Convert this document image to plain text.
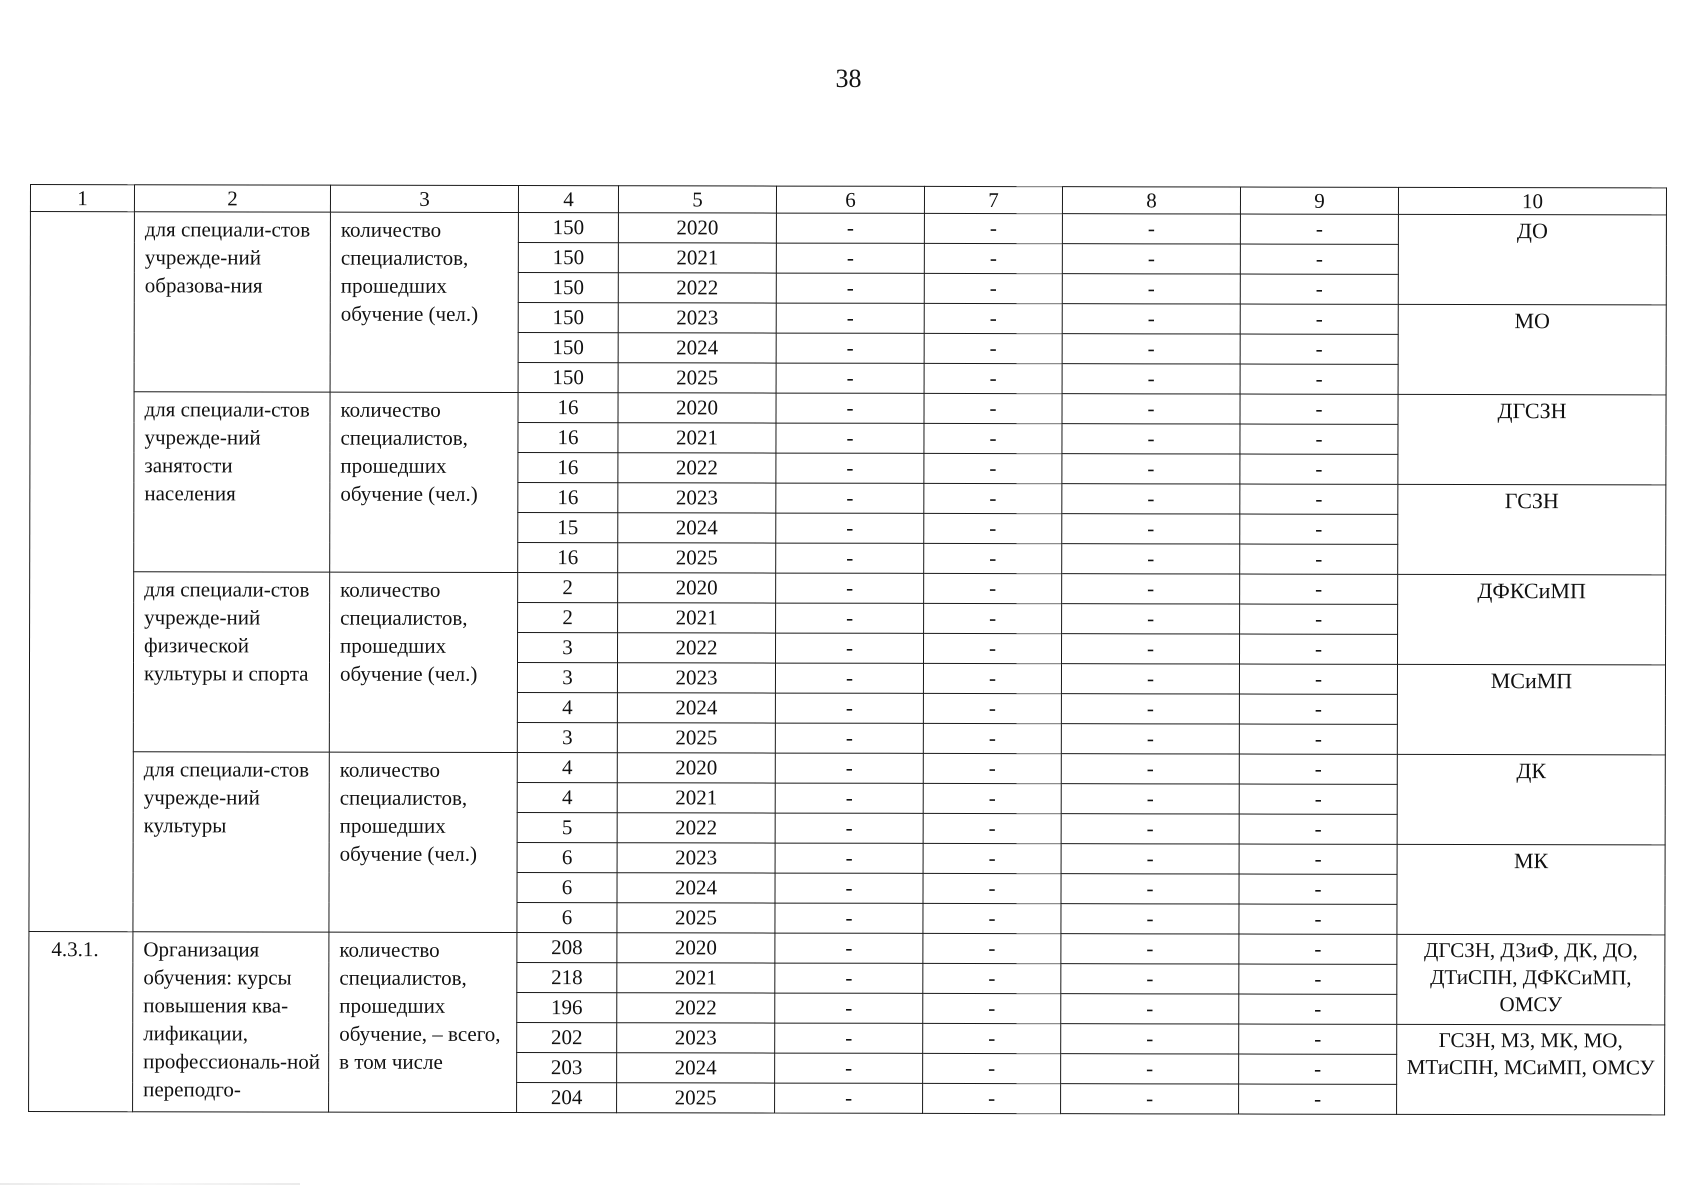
38
1	2	3	4	5	6	7	8	9	10
	для специали-стов учрежде-ний образова-ния	количество специалистов, прошедших обучение (чел.)	150	2020	-	-	-	-	ДО
			150	2021	-	-	-	-	
			150	2022	-	-	-	-	
			150	2023	-	-	-	-	МО
			150	2024	-	-	-	-	
			150	2025	-	-	-	-	
	для специали-стов учрежде-ний занятости населения	количество специалистов, прошедших обучение (чел.)	16	2020	-	-	-	-	ДГСЗН
			16	2021	-	-	-	-	
			16	2022	-	-	-	-	
			16	2023	-	-	-	-	ГСЗН
			15	2024	-	-	-	-	
			16	2025	-	-	-	-	
	для специали-стов учрежде-ний физической культуры и спорта	количество специалистов, прошедших обучение (чел.)	2	2020	-	-	-	-	ДФКСиМП
			2	2021	-	-	-	-	
			3	2022	-	-	-	-	
			3	2023	-	-	-	-	МСиМП
			4	2024	-	-	-	-	
			3	2025	-	-	-	-	
	для специали-стов учрежде-ний культуры	количество специалистов, прошедших обучение (чел.)	4	2020	-	-	-	-	ДК
			4	2021	-	-	-	-	
			5	2022	-	-	-	-	
			6	2023	-	-	-	-	МК
			6	2024	-	-	-	-	
			6	2025	-	-	-	-	
4.3.1.	Организация обучения: курсы повышения ква-лификации, профессиональ-ной переподго-	количество специалистов, прошедших обучение, – всего, в том числе	208	2020	-	-	-	-	ДГСЗН, ДЗиФ, ДК, ДО, ДТиСПН, ДФКСиМП, ОМСУ
			218	2021	-	-	-	-	
			196	2022	-	-	-	-	
			202	2023	-	-	-	-	ГСЗН, МЗ, МК, МО, МТиСПН, МСиМП, ОМСУ
			203	2024	-	-	-	-	
			204	2025	-	-	-	-	
